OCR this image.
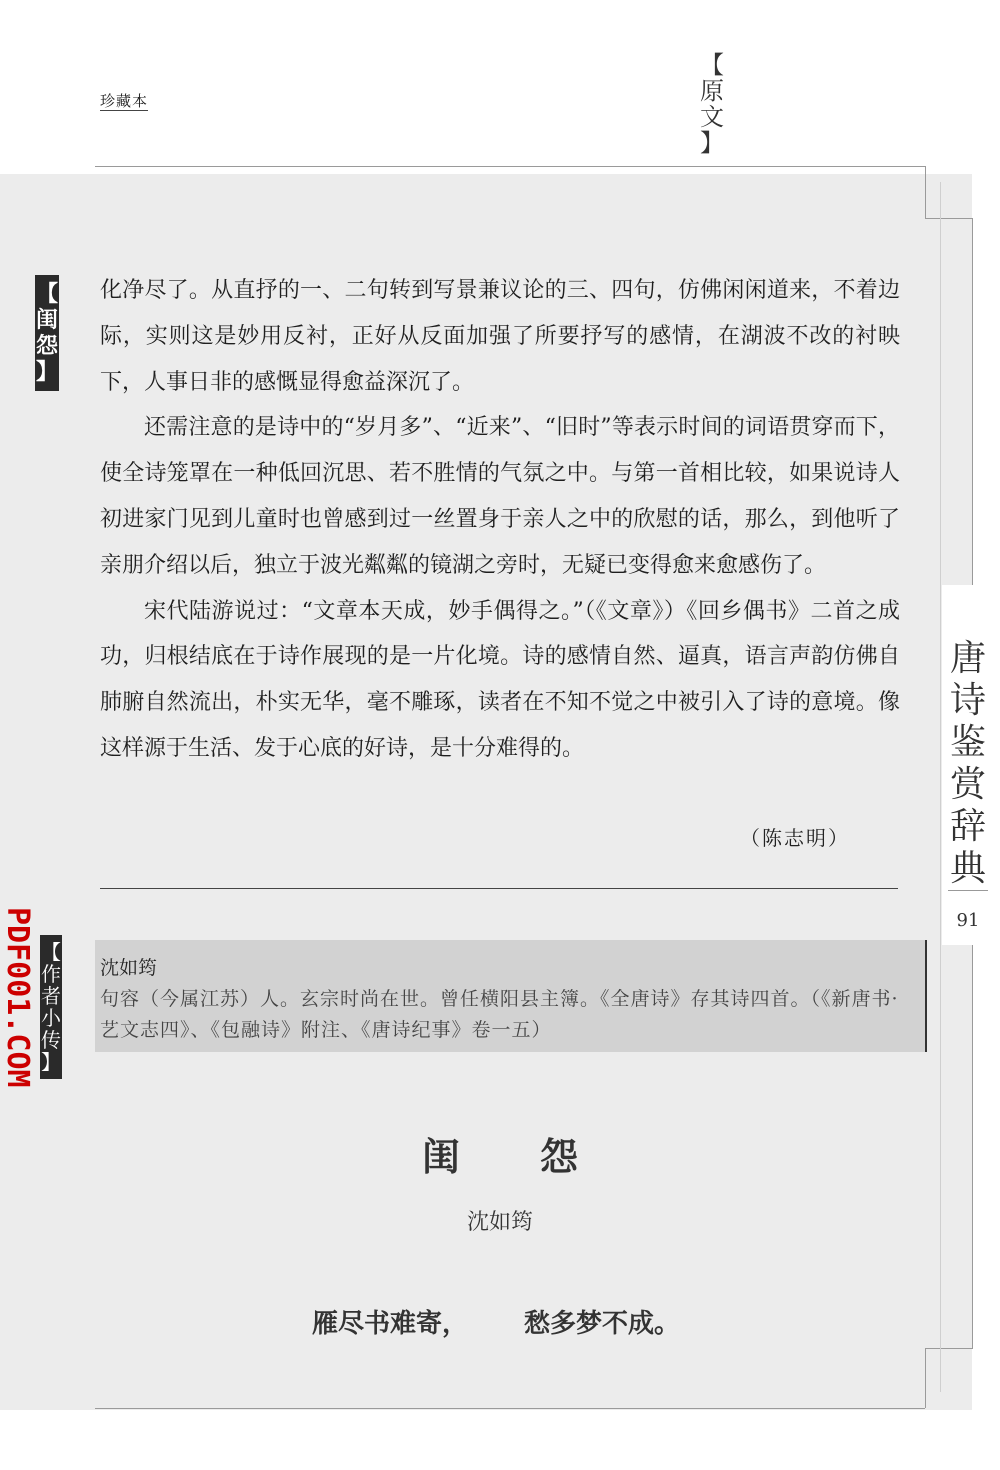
珍藏本
【
原
文
】
唐
诗
鉴
赏
辞
典
91
【
闺
怨
】
PDF001.COM

化净尽了。从直抒的一、二句转到写景兼议论的三、四句，仿佛闲闲道来，不着边际，实则这是妙用反衬，正好从反面加强了所要抒写的感情，在湖波不改的衬映下，人事日非的感慨显得愈益深沉了。

还需注意的是诗中的“岁月多”、“近来”、“旧时”等表示时间的词语贯穿而下，使全诗笼罩在一种低回沉思、若不胜情的气氛之中。与第一首相比较，如果说诗人初进家门见到儿童时也曾感到过一丝置身于亲人之中的欣慰的话，那么，到他听了亲朋介绍以后，独立于波光粼粼的镜湖之旁时，无疑已变得愈来愈感伤了。

宋代陆游说过：“文章本天成，妙手偶得之。”（《文章》）《回乡偶书》二首之成功，归根结底在于诗作展现的是一片化境。诗的感情自然、逼真，语言声韵仿佛自肺腑自然流出，朴实无华，毫不雕琢，读者在不知不觉之中被引入了诗的意境。像这样源于生活、发于心底的好诗，是十分难得的。

（陈志明）
【
作
者
小
传
】
沈如筠
句容（今属江苏）人。玄宗时尚在世。曾任横阳县主簿。《全唐诗》存其诗四首。（《新唐书·艺文志四》、《包融诗》附注、《唐诗纪事》卷一五）
闺怨
沈如筠
雁尽书难寄， 愁多梦不成。
